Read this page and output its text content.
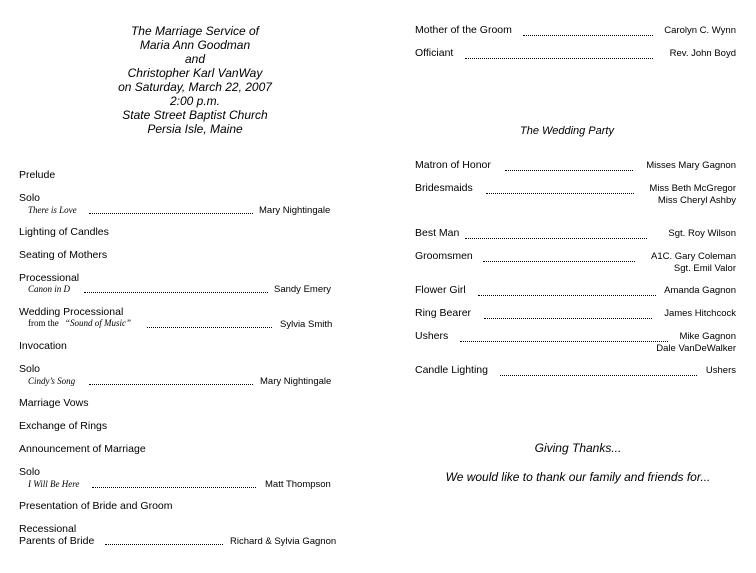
The Marriage Service of
Maria Ann Goodman
and
Christopher Karl VanWay
on Saturday, March 22, 2007
2:00 p.m.
State Street Baptist Church
Persia Isle, Maine
Prelude
Solo
There is Love	Mary Nightingale
Lighting of Candles
Seating of Mothers
Processional
Canon in D	Sandy Emery
Wedding Processional
from the “Sound of Music”	Sylvia Smith
Invocation
Solo
Cindy’s Song	Mary Nightingale
Marriage Vows
Exchange of Rings
Announcement of Marriage
Solo
I Will Be Here	Matt Thompson
Presentation of Bride and Groom
Recessional
Parents of Bride	Richard & Sylvia Gagnon
Mother of the Groom	Carolyn C. Wynn
Officiant	Rev. John Boyd
The Wedding Party
Matron of Honor	Misses Mary Gagnon
Bridesmaids	Miss Beth McGregor
Miss Cheryl Ashby
Best Man	Sgt. Roy Wilson
Groomsmen	A1C. Gary Coleman
Sgt. Emil Valor
Flower Girl	Amanda Gagnon
Ring Bearer	James Hitchcock
Ushers	Mike Gagnon
Dale VanDeWalker
Candle Lighting	Ushers
Giving Thanks...
We would like to thank our family and friends for...
